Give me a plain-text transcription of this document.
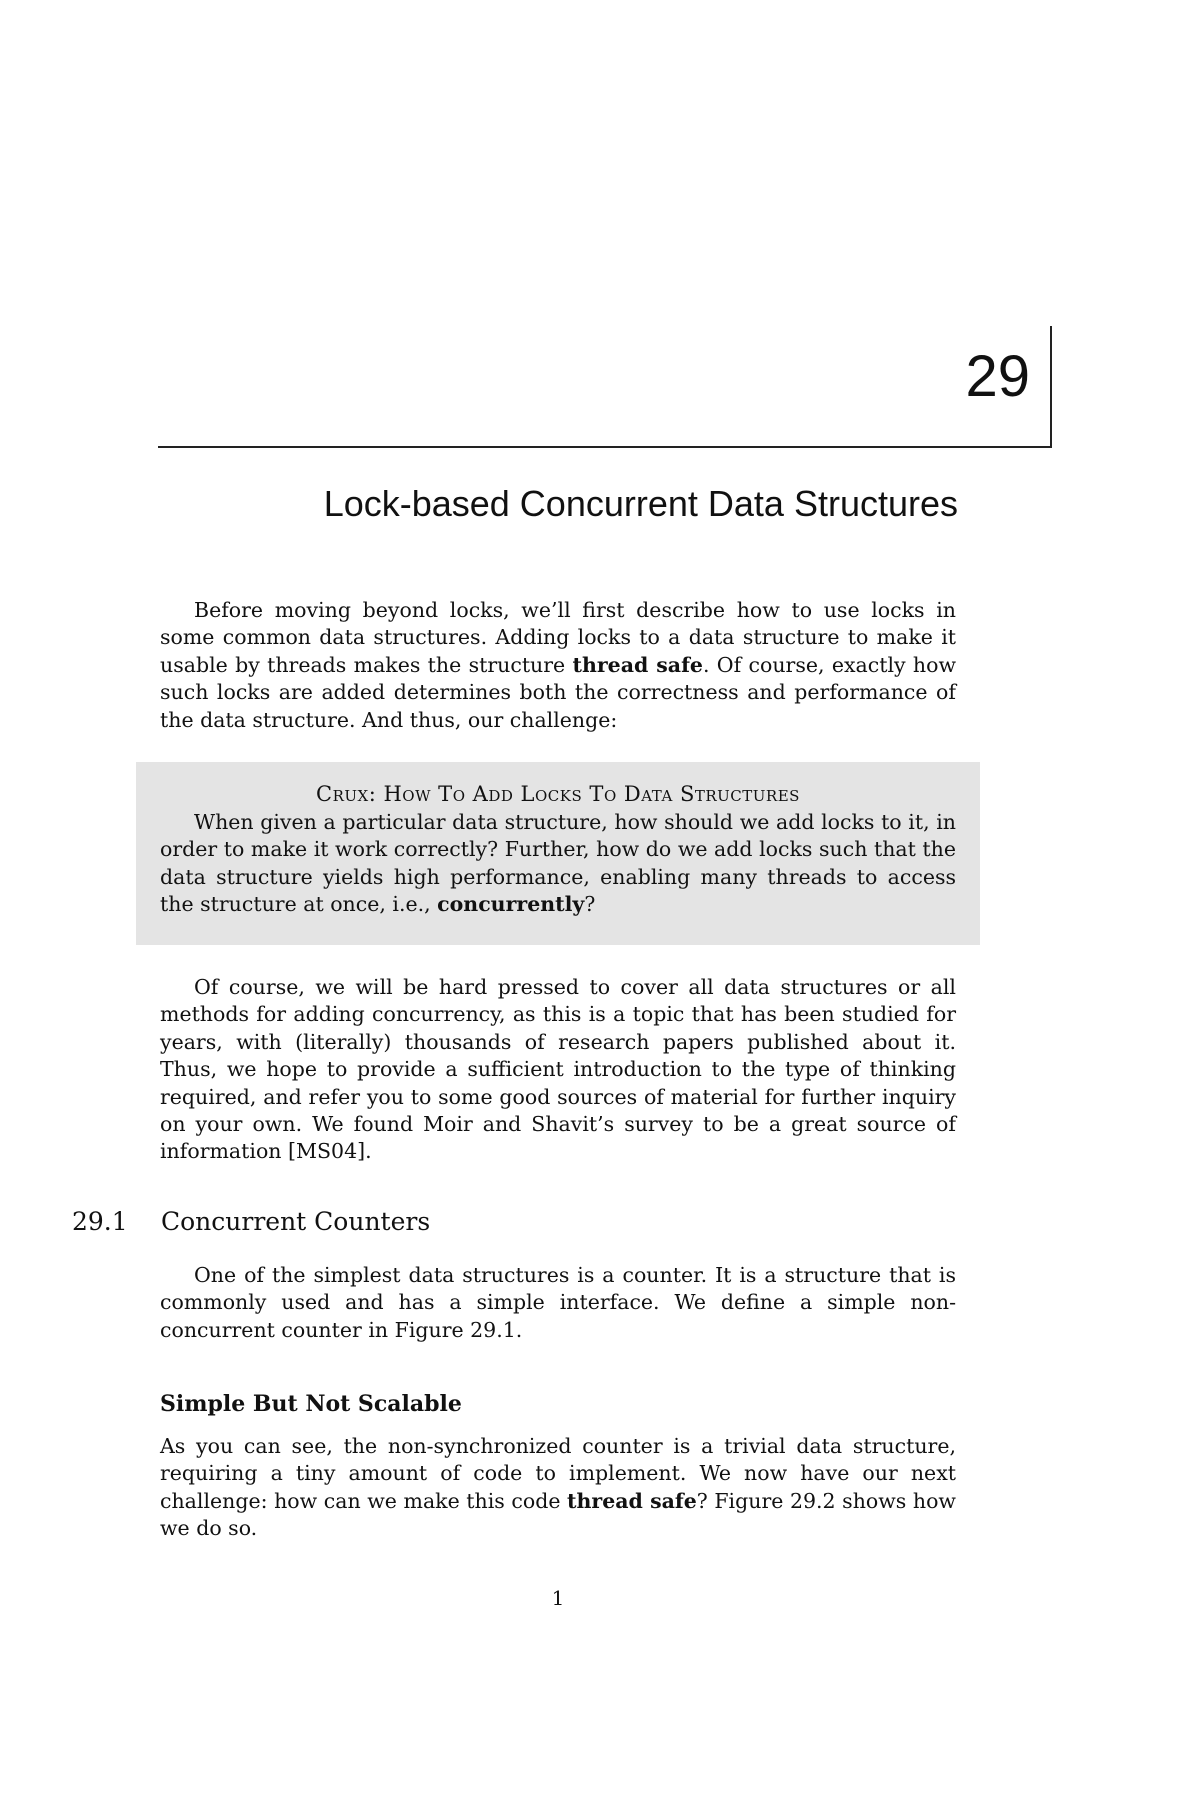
29
Lock-based Concurrent Data Structures

Before moving beyond locks, we’ll first describe how to use locks in some common data structures. Adding locks to a data structure to make it usable by threads makes the structure thread safe. Of course, exactly how such locks are added determines both the correctness and performance of the data structure. And thus, our challenge:

Crux: How To Add Locks To Data Structures

When given a particular data structure, how should we add locks to it, in order to make it work correctly? Further, how do we add locks such that the data structure yields high performance, enabling many threads to access the structure at once, i.e., concurrently?

Of course, we will be hard pressed to cover all data structures or all methods for adding concurrency, as this is a topic that has been studied for years, with (literally) thousands of research papers published about it. Thus, we hope to provide a sufficient introduction to the type of thinking required, and refer you to some good sources of material for further inquiry on your own. We found Moir and Shavit’s survey to be a great source of information [MS04].

29.1 Concurrent Counters

One of the simplest data structures is a counter. It is a structure that is commonly used and has a simple interface. We define a simple non-concurrent counter in Figure 29.1.

Simple But Not Scalable

As you can see, the non-synchronized counter is a trivial data structure, requiring a tiny amount of code to implement. We now have our next challenge: how can we make this code thread safe? Figure 29.2 shows how we do so.

1
